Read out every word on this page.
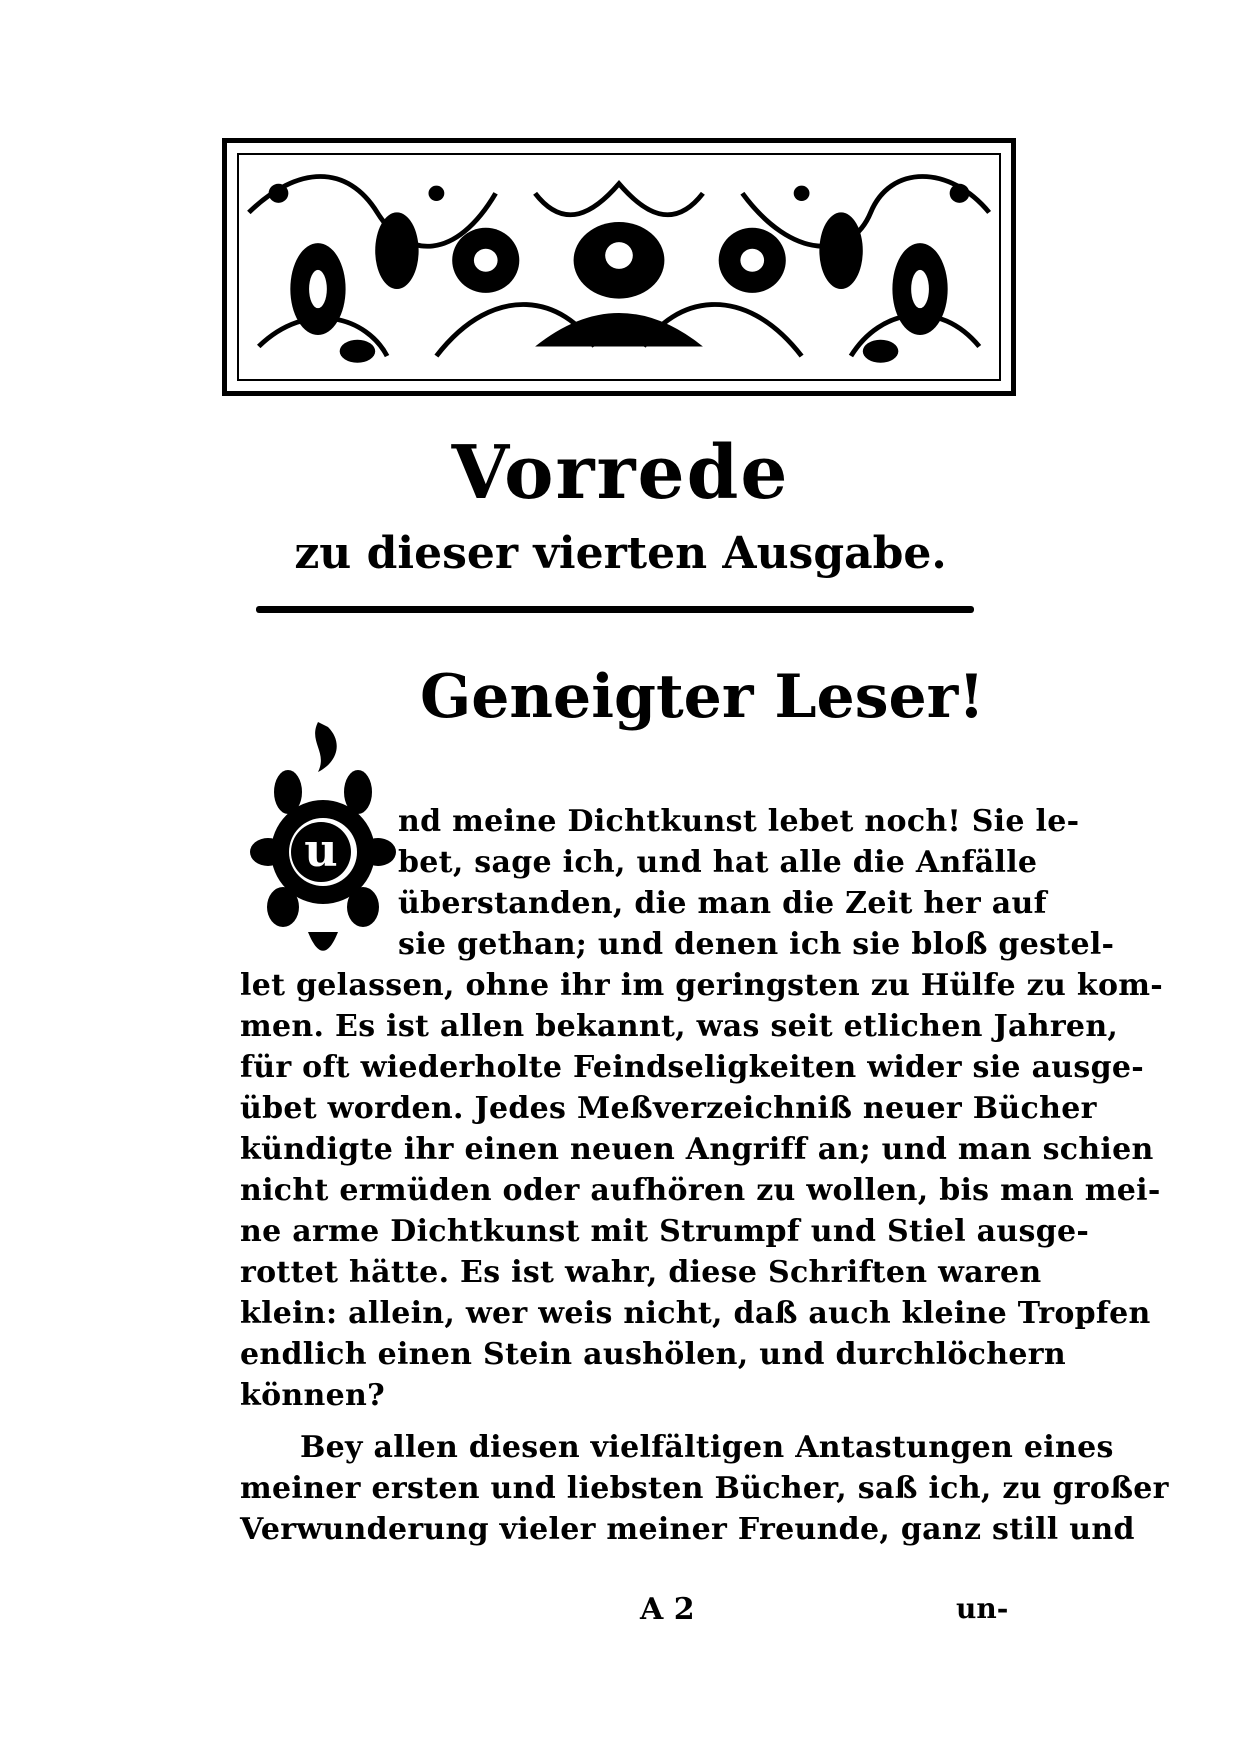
Vorrede
zu dieser vierten Ausgabe.
Geneigter Leser!
u
nd meine Dichtkunst lebet noch! Sie le-
bet, sage ich, und hat alle die Anfälle
überstanden, die man die Zeit her auf
sie gethan; und denen ich sie bloß gestel-
let gelassen, ohne ihr im geringsten zu Hülfe zu kom-
men. Es ist allen bekannt, was seit etlichen Jahren,
für oft wiederholte Feindseligkeiten wider sie ausge-
übet worden. Jedes Meßverzeichniß neuer Bücher
kündigte ihr einen neuen Angriff an; und man schien
nicht ermüden oder aufhören zu wollen, bis man mei-
ne arme Dichtkunst mit Strumpf und Stiel ausge-
rottet hätte. Es ist wahr, diese Schriften waren
klein: allein, wer weis nicht, daß auch kleine Tropfen
endlich einen Stein aushölen, und durchlöchern
können?
Bey allen diesen vielfältigen Antastungen eines
meiner ersten und liebsten Bücher, saß ich, zu großer
Verwunderung vieler meiner Freunde, ganz still und
A 2	un-
